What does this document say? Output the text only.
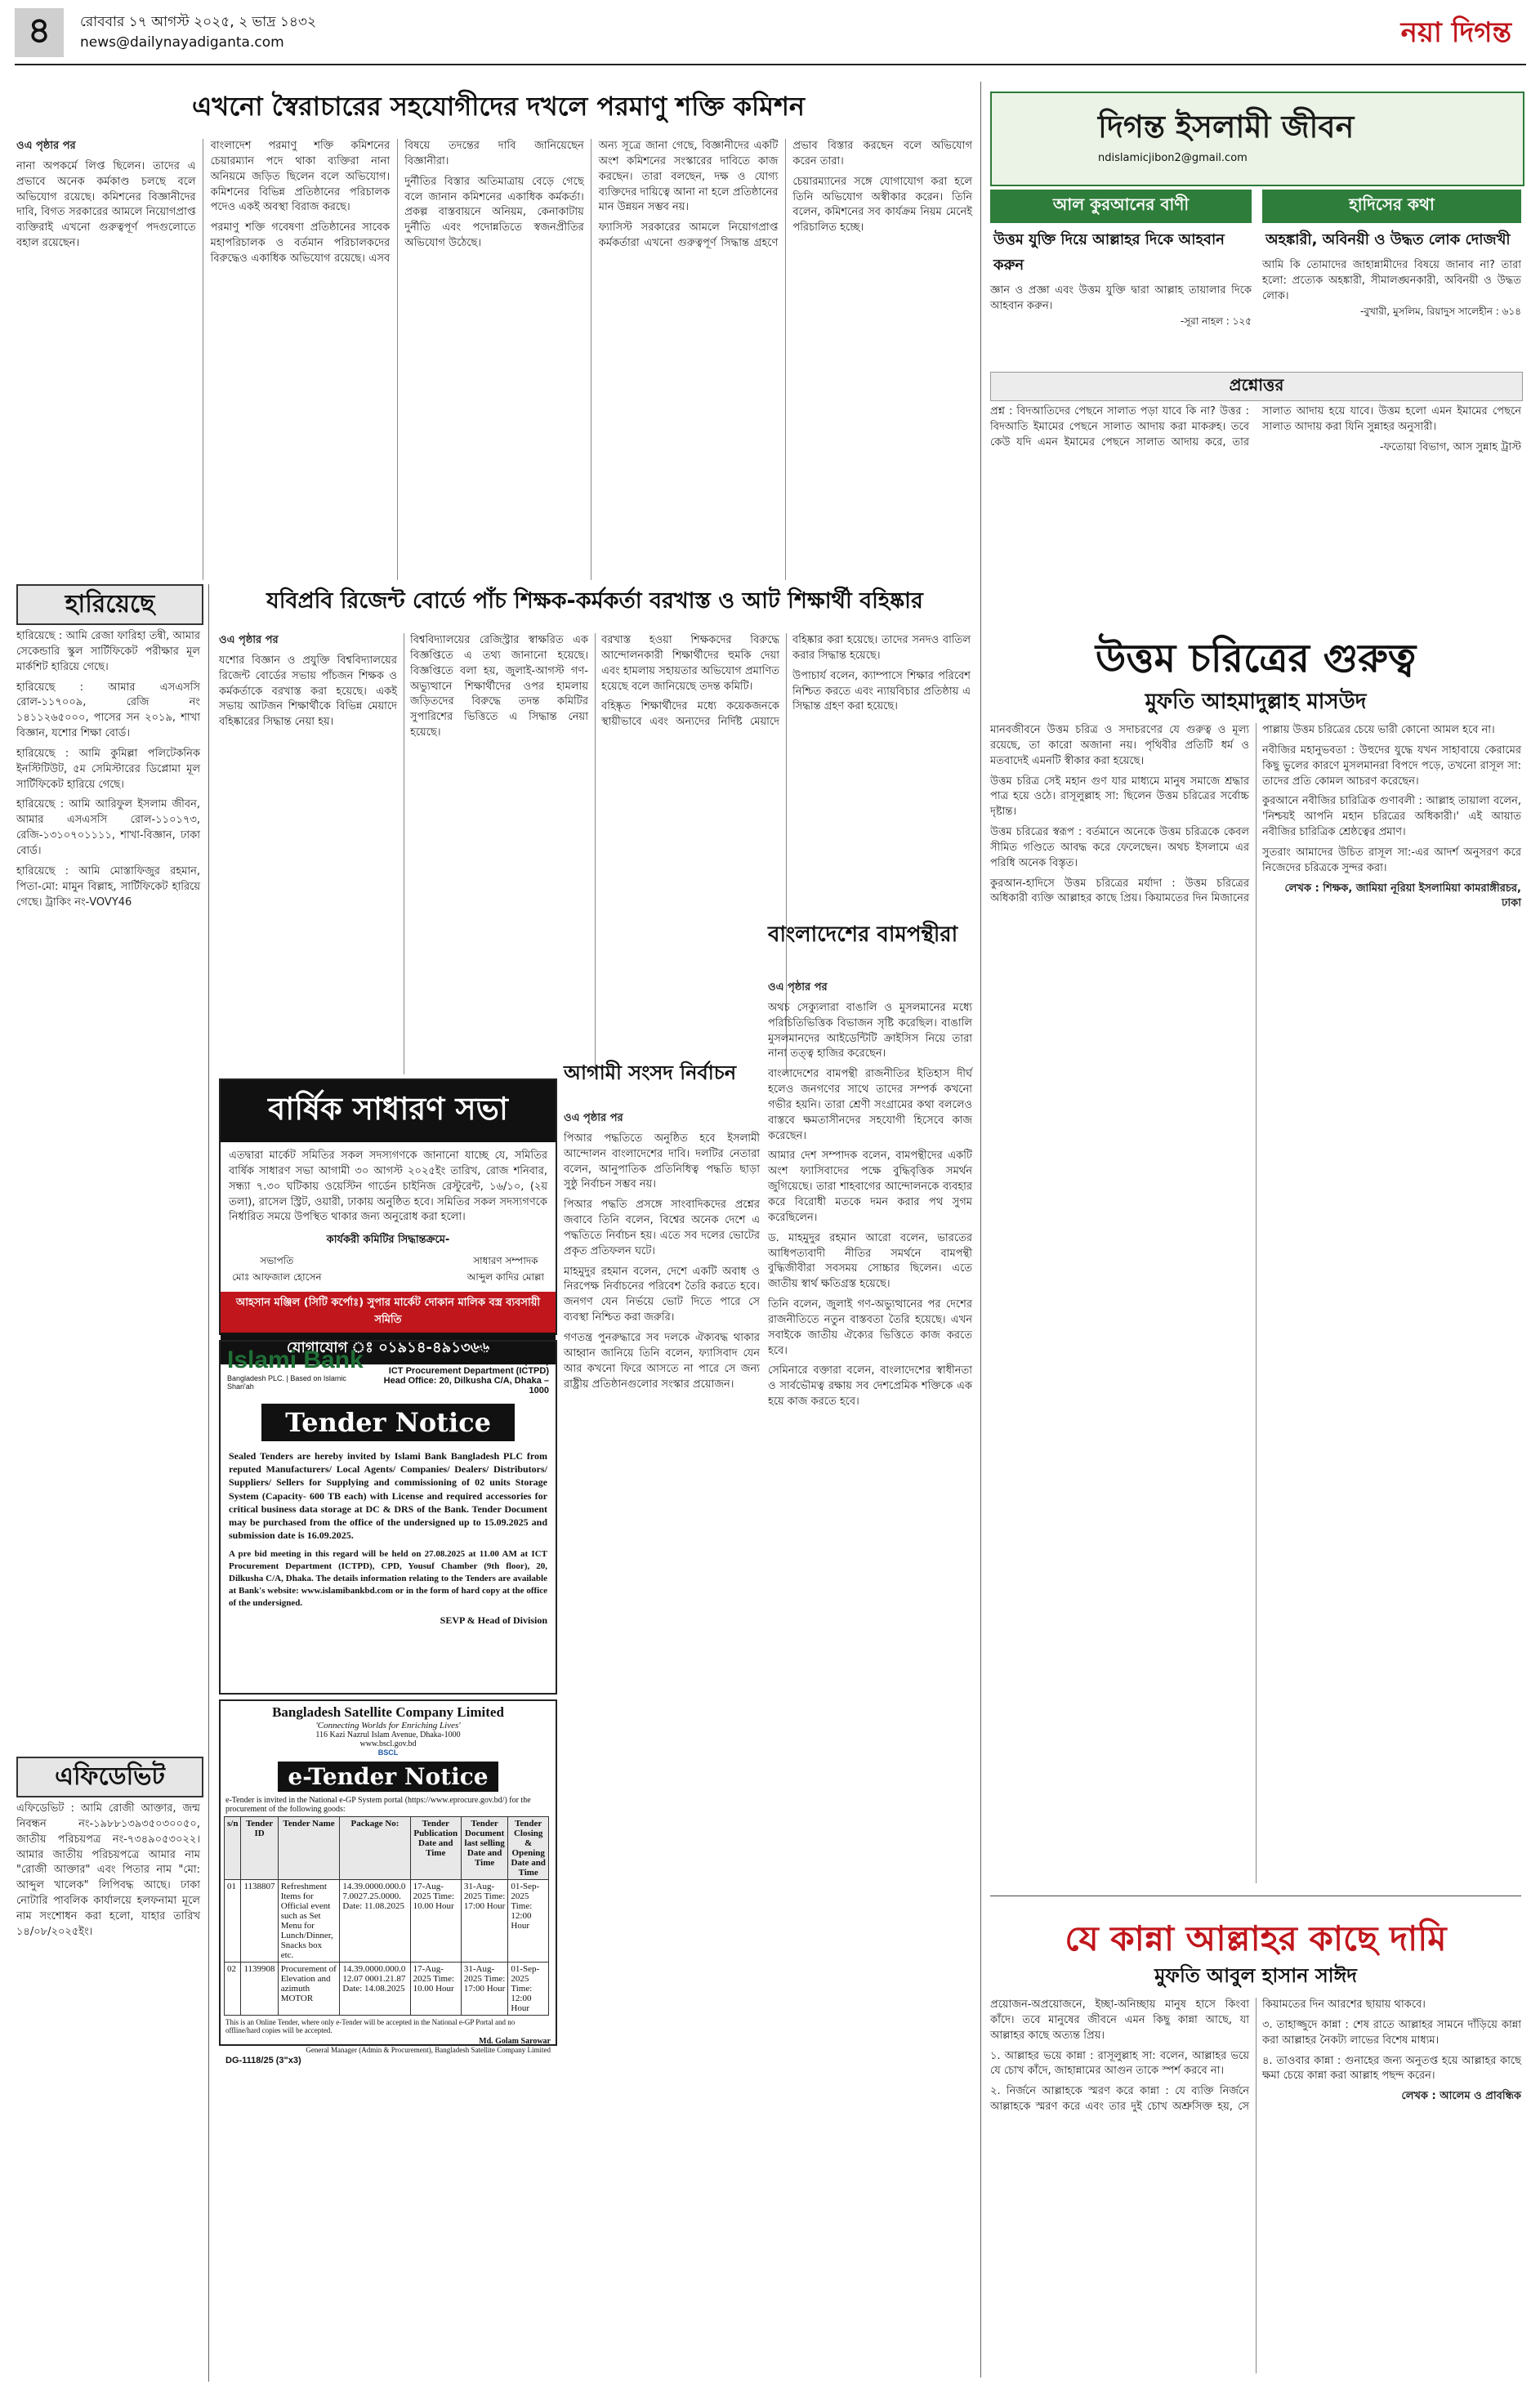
৪	রোববার ১৭ আগস্ট ২০২৫, ২ ভাদ্র ১৪৩২
news@dailynayadiganta.com	নয়া দিগন্ত
এখনো স্বৈরাচারের সহযোগীদের দখলে পরমাণু শক্তি কমিশন

ওএ পৃষ্ঠার পর

নানা অপকর্মে লিপ্ত ছিলেন। তাদের এ প্রভাবে অনেক কর্মকাণ্ড চলছে বলে অভিযোগ রয়েছে। কমিশনের বিজ্ঞানীদের দাবি, বিগত সরকারের আমলে নিয়োগপ্রাপ্ত ব্যক্তিরাই এখনো গুরুত্বপূর্ণ পদগুলোতে বহাল রয়েছেন।

বাংলাদেশ পরমাণু শক্তি কমিশনের চেয়ারম্যান পদে থাকা ব্যক্তিরা নানা অনিয়মে জড়িত ছিলেন বলে অভিযোগ। কমিশনের বিভিন্ন প্রতিষ্ঠানের পরিচালক পদেও একই অবস্থা বিরাজ করছে।

পরমাণু শক্তি গবেষণা প্রতিষ্ঠানের সাবেক মহাপরিচালক ও বর্তমান পরিচালকদের বিরুদ্ধেও একাধিক অভিযোগ রয়েছে। এসব বিষয়ে তদন্তের দাবি জানিয়েছেন বিজ্ঞানীরা।

দুর্নীতির বিস্তার অতিমাত্রায় বেড়ে গেছে বলে জানান কমিশনের একাধিক কর্মকর্তা। প্রকল্প বাস্তবায়নে অনিয়ম, কেনাকাটায় দুর্নীতি এবং পদোন্নতিতে স্বজনপ্রীতির অভিযোগ উঠেছে।

অন্য সূত্রে জানা গেছে, বিজ্ঞানীদের একটি অংশ কমিশনের সংস্কারের দাবিতে কাজ করছেন। তারা বলছেন, দক্ষ ও যোগ্য ব্যক্তিদের দায়িত্বে আনা না হলে প্রতিষ্ঠানের মান উন্নয়ন সম্ভব নয়।

ফ্যাসিস্ট সরকারের আমলে নিয়োগপ্রাপ্ত কর্মকর্তারা এখনো গুরুত্বপূর্ণ সিদ্ধান্ত গ্রহণে প্রভাব বিস্তার করছেন বলে অভিযোগ করেন তারা।

চেয়ারম্যানের সঙ্গে যোগাযোগ করা হলে তিনি অভিযোগ অস্বীকার করেন। তিনি বলেন, কমিশনের সব কার্যক্রম নিয়ম মেনেই পরিচালিত হচ্ছে।

হারিয়েছে

হারিয়েছে : আমি রেজা ফারিহা তন্বী, আমার সেকেন্ডারি স্কুল সার্টিফিকেট পরীক্ষার মূল মার্কশিট হারিয়ে গেছে।

হারিয়েছে : আমার এসএসসি রোল-১১৭০০৯, রেজি নং ১৪১১২৬৫০০০, পাসের সন ২০১৯, শাখা বিজ্ঞান, যশোর শিক্ষা বোর্ড।

হারিয়েছে : আমি কুমিল্লা পলিটেকনিক ইনস্টিটিউট, ৫ম সেমিস্টারের ডিপ্লোমা মূল সার্টিফিকেট হারিয়ে গেছে।

হারিয়েছে : আমি আরিফুল ইসলাম জীবন, আমার এসএসসি রোল-১১০১৭৩, রেজি-১৩১০৭০১১১১, শাখা-বিজ্ঞান, ঢাকা বোর্ড।

হারিয়েছে : আমি মোস্তাফিজুর রহমান, পিতা-মো: মামুন বিল্লাহ, সার্টিফিকেট হারিয়ে গেছে। ট্রাকিং নং-VOVY46

এফিডেভিট
এফিডেভিট : আমি রোজী আক্তার, জন্ম নিবন্ধন নং-১৯৮৮১৩৯৩৫০৩০০৫০, জাতীয় পরিচয়পত্র নং-৭৩৪৯০৫৩০২২। আমার জাতীয় পরিচয়পত্রে আমার নাম "রোজী আক্তার" এবং পিতার নাম "মো: আব্দুল খালেক" লিপিবদ্ধ আছে। ঢাকা নোটারি পাবলিক কার্যালয়ে হলফনামা মূলে নাম সংশোধন করা হলো, যাহার তারিখ ১৪/০৮/২০২৫ইং।
যবিপ্রবি রিজেন্ট বোর্ডে পাঁচ শিক্ষক-কর্মকর্তা বরখাস্ত ও আট শিক্ষার্থী বহিষ্কার

ওএ পৃষ্ঠার পর

যশোর বিজ্ঞান ও প্রযুক্তি বিশ্ববিদ্যালয়ের রিজেন্ট বোর্ডের সভায় পাঁচজন শিক্ষক ও কর্মকর্তাকে বরখাস্ত করা হয়েছে। একই সভায় আটজন শিক্ষার্থীকে বিভিন্ন মেয়াদে বহিষ্কারের সিদ্ধান্ত নেয়া হয়।

বিশ্ববিদ্যালয়ের রেজিস্ট্রার স্বাক্ষরিত এক বিজ্ঞপ্তিতে এ তথ্য জানানো হয়েছে। বিজ্ঞপ্তিতে বলা হয়, জুলাই-আগস্ট গণ-অভ্যুত্থানে শিক্ষার্থীদের ওপর হামলায় জড়িতদের বিরুদ্ধে তদন্ত কমিটির সুপারিশের ভিত্তিতে এ সিদ্ধান্ত নেয়া হয়েছে।

বরখাস্ত হওয়া শিক্ষকদের বিরুদ্ধে আন্দোলনকারী শিক্ষার্থীদের হুমকি দেয়া এবং হামলায় সহায়তার অভিযোগ প্রমাণিত হয়েছে বলে জানিয়েছে তদন্ত কমিটি।

বহিষ্কৃত শিক্ষার্থীদের মধ্যে কয়েকজনকে স্থায়ীভাবে এবং অন্যদের নির্দিষ্ট মেয়াদে বহিষ্কার করা হয়েছে। তাদের সনদও বাতিল করার সিদ্ধান্ত হয়েছে।

উপাচার্য বলেন, ক্যাম্পাসে শিক্ষার পরিবেশ নিশ্চিত করতে এবং ন্যায়বিচার প্রতিষ্ঠায় এ সিদ্ধান্ত গ্রহণ করা হয়েছে।

বাংলাদেশের বামপন্থীরা

ওএ পৃষ্ঠার পর

অথচ সেক্যুলারা বাঙালি ও মুসলমানের মধ্যে পরিচিতিভিত্তিক বিভাজন সৃষ্টি করেছিল। বাঙালি মুসলমানদের আইডেন্টিটি ক্রাইসিস নিয়ে তারা নানা তত্ত্ব হাজির করেছেন।

বাংলাদেশের বামপন্থী রাজনীতির ইতিহাস দীর্ঘ হলেও জনগণের সাথে তাদের সম্পর্ক কখনো গভীর হয়নি। তারা শ্রেণী সংগ্রামের কথা বললেও বাস্তবে ক্ষমতাসীনদের সহযোগী হিসেবে কাজ করেছেন।

আমার দেশ সম্পাদক বলেন, বামপন্থীদের একটি অংশ ফ্যাসিবাদের পক্ষে বুদ্ধিবৃত্তিক সমর্থন জুগিয়েছে। তারা শাহবাগের আন্দোলনকে ব্যবহার করে বিরোধী মতকে দমন করার পথ সুগম করেছিলেন।

ড. মাহমুদুর রহমান আরো বলেন, ভারতের আধিপত্যবাদী নীতির সমর্থনে বামপন্থী বুদ্ধিজীবীরা সবসময় সোচ্চার ছিলেন। এতে জাতীয় স্বার্থ ক্ষতিগ্রস্ত হয়েছে।

তিনি বলেন, জুলাই গণ-অভ্যুত্থানের পর দেশের রাজনীতিতে নতুন বাস্তবতা তৈরি হয়েছে। এখন সবাইকে জাতীয় ঐক্যের ভিত্তিতে কাজ করতে হবে।

সেমিনারে বক্তারা বলেন, বাংলাদেশের স্বাধীনতা ও সার্বভৌমত্ব রক্ষায় সব দেশপ্রেমিক শক্তিকে এক হয়ে কাজ করতে হবে।

আগামী সংসদ নির্বাচন

ওএ পৃষ্ঠার পর

পিআর পদ্ধতিতে অনুষ্ঠিত হবে ইসলামী আন্দোলন বাংলাদেশের দাবি। দলটির নেতারা বলেন, আনুপাতিক প্রতিনিধিত্ব পদ্ধতি ছাড়া সুষ্ঠু নির্বাচন সম্ভব নয়।

পিআর পদ্ধতি প্রসঙ্গে সাংবাদিকদের প্রশ্নের জবাবে তিনি বলেন, বিশ্বের অনেক দেশে এ পদ্ধতিতে নির্বাচন হয়। এতে সব দলের ভোটের প্রকৃত প্রতিফলন ঘটে।

মাহমুদুর রহমান বলেন, দেশে একটি অবাধ ও নিরপেক্ষ নির্বাচনের পরিবেশ তৈরি করতে হবে। জনগণ যেন নির্ভয়ে ভোট দিতে পারে সে ব্যবস্থা নিশ্চিত করা জরুরি।

গণতন্ত্র পুনরুদ্ধারে সব দলকে ঐক্যবদ্ধ থাকার আহ্বান জানিয়ে তিনি বলেন, ফ্যাসিবাদ যেন আর কখনো ফিরে আসতে না পারে সে জন্য রাষ্ট্রীয় প্রতিষ্ঠানগুলোর সংস্কার প্রয়োজন।

বার্ষিক সাধারণ সভা
এতদ্বারা মার্কেট সমিতির সকল সদস্যগণকে জানানো যাচ্ছে যে, সমিতির বার্ষিক সাধারণ সভা আগামী ৩০ আগস্ট ২০২৫ইং তারিখ, রোজ শনিবার, সন্ধ্যা ৭.৩০ ঘটিকায় ওয়েস্টিন গার্ডেন চাইনিজ রেস্টুরেন্ট, ১৬/১০, (২য় তলা), রাসেল স্ট্রিট, ওয়ারী, ঢাকায় অনুষ্ঠিত হবে। সমিতির সকল সদস্যগণকে নির্ধারিত সময়ে উপস্থিত থাকার জন্য অনুরোধ করা হলো।
কার্যকরী কমিটির সিদ্ধান্তক্রমে-
সভাপতি
মোঃ আফজাল হোসেন
সাধারণ সম্পাদক
আব্দুল কাদির মোল্লা
আহসান মঞ্জিল (সিটি কর্পোঃ) সুপার মার্কেট দোকান মালিক বস্ত্র ব্যবসায়ী সমিতি
যোগাযোগ ঃ ০১৯১৪-৪৯১৩৬৬
Islami Bank
Bangladesh PLC. | Based on Islamic Shari'ah
Operations Wing
Central Procurement Division (CPD)
ICT Procurement Department (ICTPD)
Head Office: 20, Dilkusha C/A, Dhaka – 1000
Tender Notice
Sealed Tenders are hereby invited by Islami Bank Bangladesh PLC from reputed Manufacturers/ Local Agents/ Companies/ Dealers/ Distributors/ Suppliers/ Sellers for Supplying and commissioning of 02 units Storage System (Capacity- 600 TB each) with License and required accessories for critical business data storage at DC & DRS of the Bank. Tender Document may be purchased from the office of the undersigned up to 15.09.2025 and submission date is 16.09.2025.
A pre bid meeting in this regard will be held on 27.08.2025 at 11.00 AM at ICT Procurement Department (ICTPD), CPD, Yousuf Chamber (9th floor), 20, Dilkusha C/A, Dhaka. The details information relating to the Tenders are available at Bank's website: www.islamibankbd.com or in the form of hard copy at the office of the undersigned.
SEVP & Head of Division
Bangladesh Satellite Company Limited
'Connecting Worlds for Enriching Lives'
116 Kazi Nazrul Islam Avenue, Dhaka-1000
www.bscl.gov.bd
BSCL
e-Tender Notice
e-Tender is invited in the National e-GP System portal (https://www.eprocure.gov.bd/) for the procurement of the following goods:
s/n	Tender ID	Tender Name	Package No:	Tender Publication Date and Time	Tender Document last selling Date and Time	Tender Closing & Opening Date and Time
01	1138807	Refreshment Items for Official event such as Set Menu for Lunch/Dinner, Snacks box etc.	14.39.0000.000.0 7.0027.25.0000. Date: 11.08.2025	17-Aug-2025 Time: 10.00 Hour	31-Aug-2025 Time: 17:00 Hour	01-Sep-2025 Time: 12:00 Hour
02	1139908	Procurement of Elevation and azimuth MOTOR	14.39.0000.000.0 12.07 0001.21.87 Date: 14.08.2025	17-Aug-2025 Time: 10.00 Hour	31-Aug-2025 Time: 17:00 Hour	01-Sep-2025 Time: 12:00 Hour
This is an Online Tender, where only e-Tender will be accepted in the National e-GP Portal and no offline/hard copies will be accepted.
Md. Golam Sarowar
General Manager (Admin & Procurement), Bangladesh Satellite Company Limited
DG-1118/25 (3"x3)
দিগন্ত ইসলামী জীবন
ndislamicjibon2@gmail.com
আল কুরআনের বাণী
উত্তম যুক্তি দিয়ে আল্লাহর দিকে আহবান করুন
জ্ঞান ও প্রজ্ঞা এবং উত্তম যুক্তি দ্বারা আল্লাহ তায়ালার দিকে আহবান করুন।
-সূরা নাহল : ১২৫
হাদিসের কথা
অহঙ্কারী, অবিনয়ী ও উদ্ধত লোক দোজখী
আমি কি তোমাদের জাহান্নামীদের বিষয়ে জানাব না? তারা হলো: প্রত্যেক অহঙ্কারী, সীমালঙ্ঘনকারী, অবিনয়ী ও উদ্ধত লোক।
-বুখারী, মুসলিম, রিয়াদুস সালেহীন : ৬১৪
প্রশ্নোত্তর

প্রশ্ন : বিদআতিদের পেছনে সালাত পড়া যাবে কি না? উত্তর : বিদআতি ইমামের পেছনে সালাত আদায় করা মাকরুহ। তবে কেউ যদি এমন ইমামের পেছনে সালাত আদায় করে, তার সালাত আদায় হয়ে যাবে। উত্তম হলো এমন ইমামের পেছনে সালাত আদায় করা যিনি সুন্নাহর অনুসারী।

-ফতোয়া বিভাগ, আস সুন্নাহ ট্রাস্ট

উত্তম চরিত্রের গুরুত্ব
মুফতি আহমাদুল্লাহ মাসউদ

মানবজীবনে উত্তম চরিত্র ও সদাচরণের যে গুরুত্ব ও মূল্য রয়েছে, তা কারো অজানা নয়। পৃথিবীর প্রতিটি ধর্ম ও মতবাদেই এমনটি স্বীকার করা হয়েছে।

উত্তম চরিত্র সেই মহান গুণ যার মাধ্যমে মানুষ সমাজে শ্রদ্ধার পাত্র হয়ে ওঠে। রাসূলুল্লাহ সা: ছিলেন উত্তম চরিত্রের সর্বোচ্চ দৃষ্টান্ত।

উত্তম চরিত্রের স্বরূপ : বর্তমানে অনেকে উত্তম চরিত্রকে কেবল সীমিত গণ্ডিতে আবদ্ধ করে ফেলেছেন। অথচ ইসলামে এর পরিধি অনেক বিস্তৃত।

কুরআন-হাদিসে উত্তম চরিত্রের মর্যাদা : উত্তম চরিত্রের অধিকারী ব্যক্তি আল্লাহর কাছে প্রিয়। কিয়ামতের দিন মিজানের পাল্লায় উত্তম চরিত্রের চেয়ে ভারী কোনো আমল হবে না।

নবীজির মহানুভবতা : উহুদের যুদ্ধে যখন সাহাবায়ে কেরামের কিছু ভুলের কারণে মুসলমানরা বিপদে পড়ে, তখনো রাসূল সা: তাদের প্রতি কোমল আচরণ করেছেন।

কুরআনে নবীজির চারিত্রিক গুণাবলী : আল্লাহ তায়ালা বলেন, 'নিশ্চয়ই আপনি মহান চরিত্রের অধিকারী।' এই আয়াত নবীজির চারিত্রিক শ্রেষ্ঠত্বের প্রমাণ।

সুতরাং আমাদের উচিত রাসূল সা:-এর আদর্শ অনুসরণ করে নিজেদের চরিত্রকে সুন্দর করা।

লেখক : শিক্ষক, জামিয়া নূরিয়া ইসলামিয়া কামরাঙ্গীরচর, ঢাকা

যে কান্না আল্লাহর কাছে দামি
মুফতি আবুল হাসান সাঈদ

প্রয়োজন-অপ্রয়োজনে, ইচ্ছা-অনিচ্ছায় মানুষ হাসে কিংবা কাঁদে। তবে মানুষের জীবনে এমন কিছু কান্না আছে, যা আল্লাহর কাছে অত্যন্ত প্রিয়।

১. আল্লাহর ভয়ে কান্না : রাসূলুল্লাহ সা: বলেন, আল্লাহর ভয়ে যে চোখ কাঁদে, জাহান্নামের আগুন তাকে স্পর্শ করবে না।

২. নির্জনে আল্লাহকে স্মরণ করে কান্না : যে ব্যক্তি নির্জনে আল্লাহকে স্মরণ করে এবং তার দুই চোখ অশ্রুসিক্ত হয়, সে কিয়ামতের দিন আরশের ছায়ায় থাকবে।

৩. তাহাজ্জুদে কান্না : শেষ রাতে আল্লাহর সামনে দাঁড়িয়ে কান্না করা আল্লাহর নৈকট্য লাভের বিশেষ মাধ্যম।

৪. তাওবার কান্না : গুনাহের জন্য অনুতপ্ত হয়ে আল্লাহর কাছে ক্ষমা চেয়ে কান্না করা আল্লাহ পছন্দ করেন।

লেখক : আলেম ও প্রাবন্ধিক
